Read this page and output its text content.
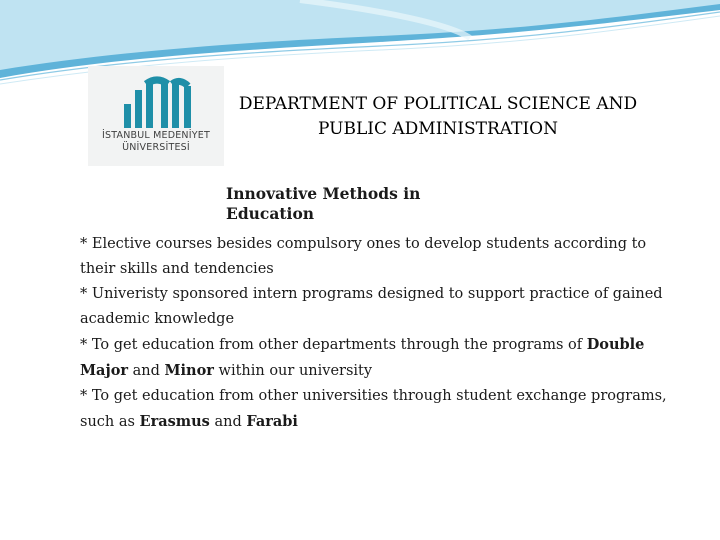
İSTANBUL MEDENİYET
ÜNİVERSİTESİ
DEPARTMENT OF POLITICAL SCIENCE AND
PUBLIC ADMINISTRATION
Innovative Methods in Education

* Elective courses besides compulsory ones to develop students according to their skills and tendencies

* Univeristy sponsored intern programs designed to support practice of gained academic knowledge

* To get education from other departments through the programs of Double Major and Minor within our university

* To get education from other universities through student exchange programs, such as Erasmus and Farabi
